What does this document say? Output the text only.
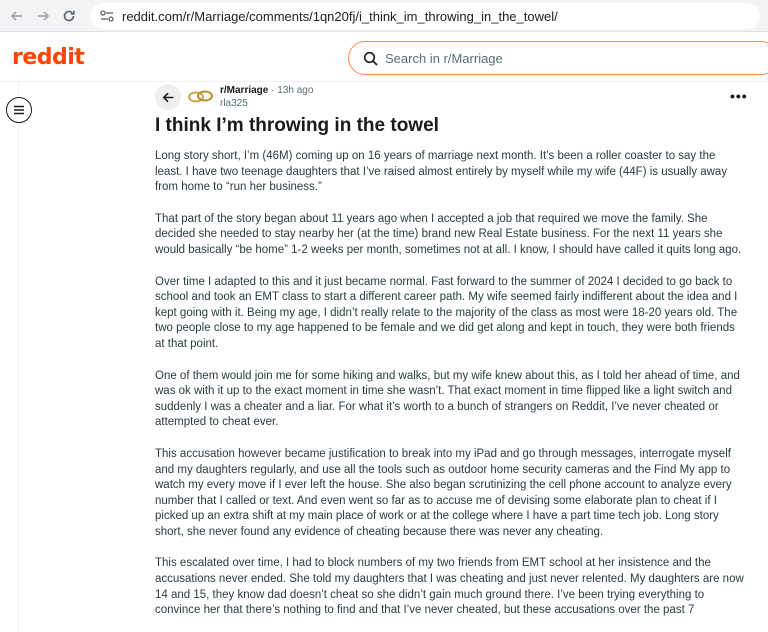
reddit.com/r/Marriage/comments/1qn20fj/i_think_im_throwing_in_the_towel/
reddit
Search in r/Marriage
r/Marriage · 13h ago
rla325	•••
I think I’m throwing in the towel

Long story short, I’m (46M) coming up on 16 years of marriage next month. It’s been a roller coaster to say the least. I have two teenage daughters that I’ve raised almost entirely by myself while my wife (44F) is usually away from home to “run her business.”

That part of the story began about 11 years ago when I accepted a job that required we move the family. She decided she needed to stay nearby her (at the time) brand new Real Estate business. For the next 11 years she would basically “be home” 1-2 weeks per month, sometimes not at all. I know, I should have called it quits long ago.

Over time I adapted to this and it just became normal. Fast forward to the summer of 2024 I decided to go back to school and took an EMT class to start a different career path. My wife seemed fairly indifferent about the idea and I kept going with it. Being my age, I didn’t really relate to the majority of the class as most were 18-20 years old. The two people close to my age happened to be female and we did get along and kept in touch, they were both friends at that point.

One of them would join me for some hiking and walks, but my wife knew about this, as I told her ahead of time, and was ok with it up to the exact moment in time she wasn’t. That exact moment in time flipped like a light switch and suddenly I was a cheater and a liar. For what it’s worth to a bunch of strangers on Reddit, I’ve never cheated or attempted to cheat ever.

This accusation however became justification to break into my iPad and go through messages, interrogate myself and my daughters regularly, and use all the tools such as outdoor home security cameras and the Find My app to watch my every move if I ever left the house. She also began scrutinizing the cell phone account to analyze every number that I called or text. And even went so far as to accuse me of devising some elaborate plan to cheat if I picked up an extra shift at my main place of work or at the college where I have a part time tech job. Long story short, she never found any evidence of cheating because there was never any cheating.

This escalated over time, I had to block numbers of my two friends from EMT school at her insistence and the accusations never ended. She told my daughters that I was cheating and just never relented. My daughters are now 14 and 15, they know dad doesn’t cheat so she didn’t gain much ground there. I’ve been trying everything to convince her that there’s nothing to find and that I’ve never cheated, but these accusations over the past 7
